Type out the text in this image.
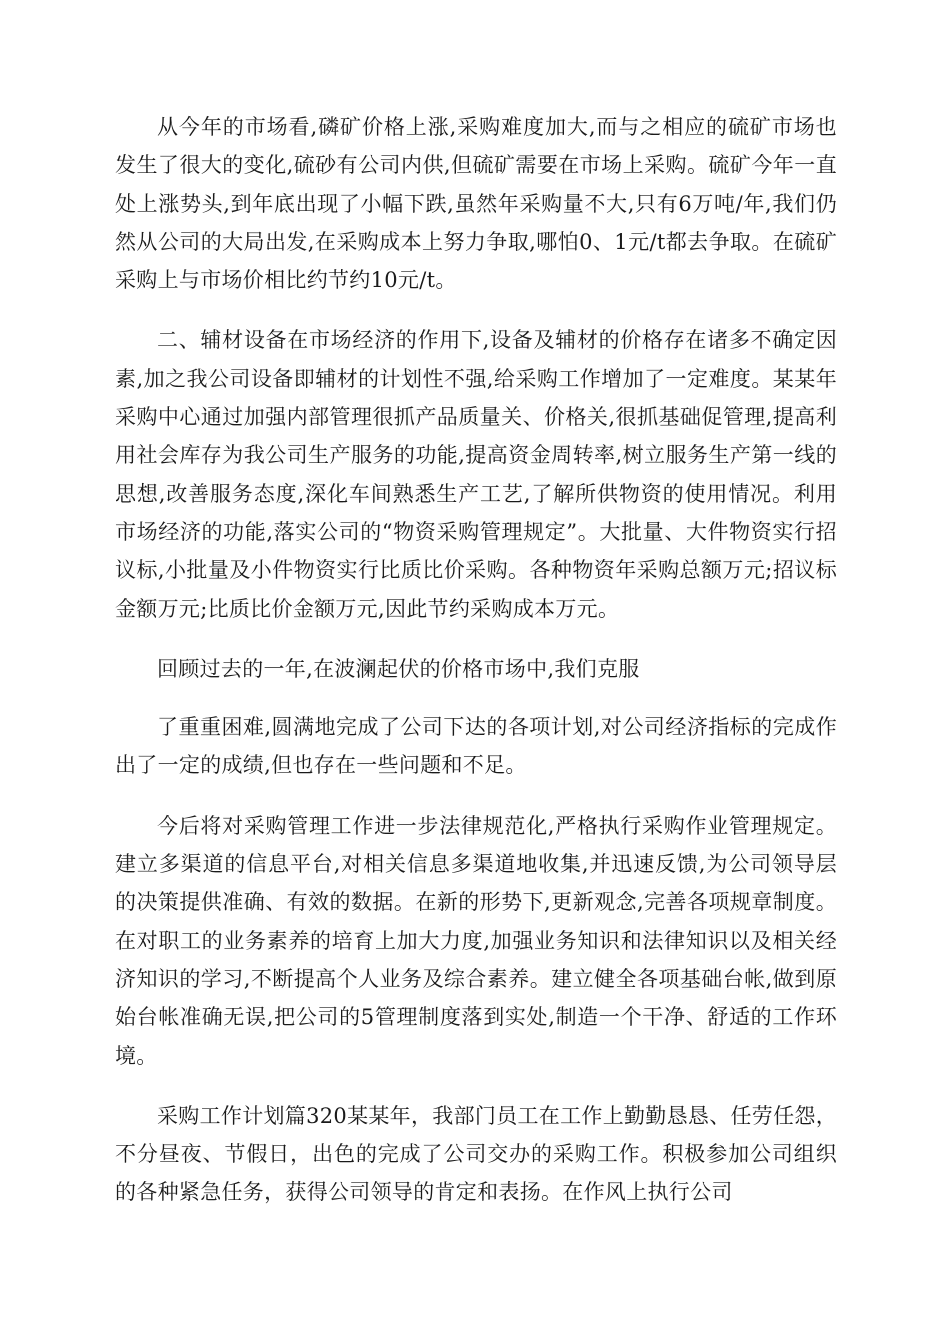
从今年的市场看,磷矿价格上涨,采购难度加大,而与之相应的硫矿市场也发生了很大的变化,硫砂有公司内供,但硫矿需要在市场上采购。硫矿今年一直处上涨势头,到年底出现了小幅下跌,虽然年采购量不大,只有6万吨/年,我们仍然从公司的大局出发,在采购成本上努力争取,哪怕0、1元/t都去争取。在硫矿采购上与市场价相比约节约10元/t。

二、辅材设备在市场经济的作用下,设备及辅材的价格存在诸多不确定因素,加之我公司设备即辅材的计划性不强,给采购工作增加了一定难度。某某年采购中心通过加强内部管理很抓产品质量关、价格关,很抓基础促管理,提高利用社会库存为我公司生产服务的功能,提高资金周转率,树立服务生产第一线的思想,改善服务态度,深化车间熟悉生产工艺,了解所供物资的使用情况。利用市场经济的功能,落实公司的“物资采购管理规定”。大批量、大件物资实行招议标,小批量及小件物资实行比质比价采购。各种物资年采购总额万元;招议标金额万元;比质比价金额万元,因此节约采购成本万元。

回顾过去的一年,在波澜起伏的价格市场中,我们克服

了重重困难,圆满地完成了公司下达的各项计划,对公司经济指标的完成作出了一定的成绩,但也存在一些问题和不足。

今后将对采购管理工作进一步法律规范化,严格执行采购作业管理规定。建立多渠道的信息平台,对相关信息多渠道地收集,并迅速反馈,为公司领导层的决策提供准确、有效的数据。在新的形势下,更新观念,完善各项规章制度。在对职工的业务素养的培育上加大力度,加强业务知识和法律知识以及相关经济知识的学习,不断提高个人业务及综合素养。建立健全各项基础台帐,做到原始台帐准确无误,把公司的5管理制度落到实处,制造一个干净、舒适的工作环境。

采购工作计划篇320某某年，我部门员工在工作上勤勤恳恳、任劳任怨，不分昼夜、节假日，出色的完成了公司交办的采购工作。积极参加公司组织的各种紧急任务，获得公司领导的肯定和表扬。在作风上执行公司
